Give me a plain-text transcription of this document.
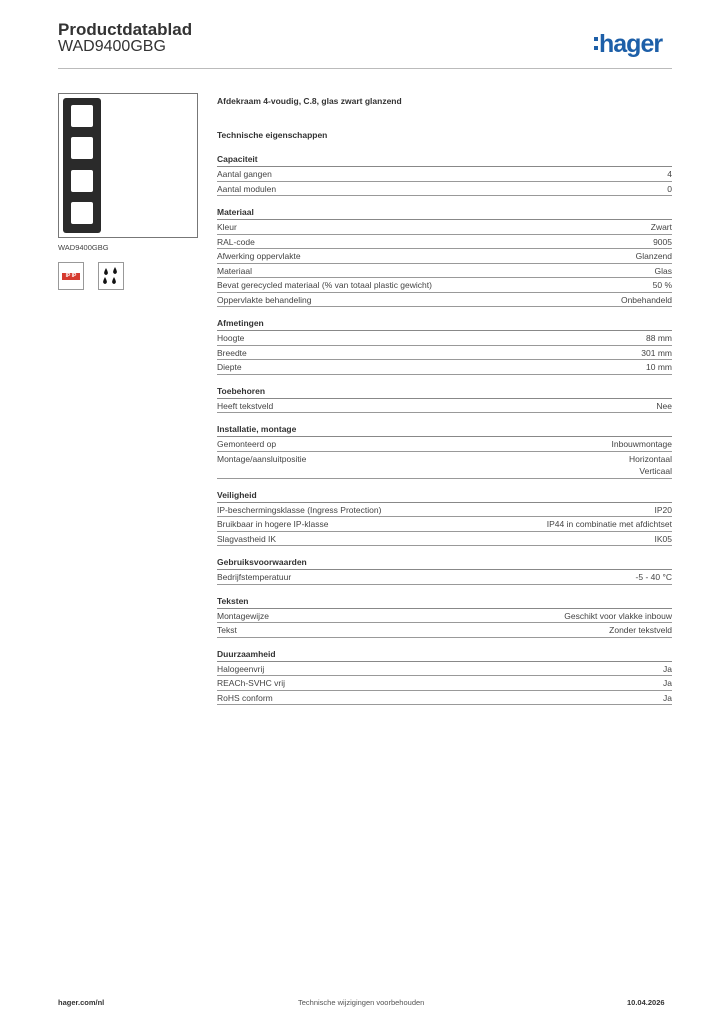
Productdatablad
WAD9400GBG	hager
WAD9400GBG
IP IP
Afdekraam 4-voudig, C.8, glas zwart glanzend
Technische eigenschappen
Capaciteit
Aantal gangen	4
Aantal modulen	0
Materiaal
Kleur	Zwart
RAL-code	9005
Afwerking oppervlakte	Glanzend
Materiaal	Glas
Bevat gerecycled materiaal (% van totaal plastic gewicht)	50 %
Oppervlakte behandeling	Onbehandeld
Afmetingen
Hoogte	88 mm
Breedte	301 mm
Diepte	10 mm
Toebehoren
Heeft tekstveld	Nee
Installatie, montage
Gemonteerd op	Inbouwmontage
Montage/aansluitpositie	Horizontaal
Verticaal
Veiligheid
IP-beschermingsklasse (Ingress Protection)	IP20
Bruikbaar in hogere IP-klasse	IP44 in combinatie met afdichtset
Slagvastheid IK	IK05
Gebruiksvoorwaarden
Bedrijfstemperatuur	-5 - 40 °C
Teksten
Montagewijze	Geschikt voor vlakke inbouw
Tekst	Zonder tekstveld
Duurzaamheid
Halogeenvrij	Ja
REACh-SVHC vrij	Ja
RoHS conform	Ja
hager.com/nl	Technische wijzigingen voorbehouden	10.04.2026
